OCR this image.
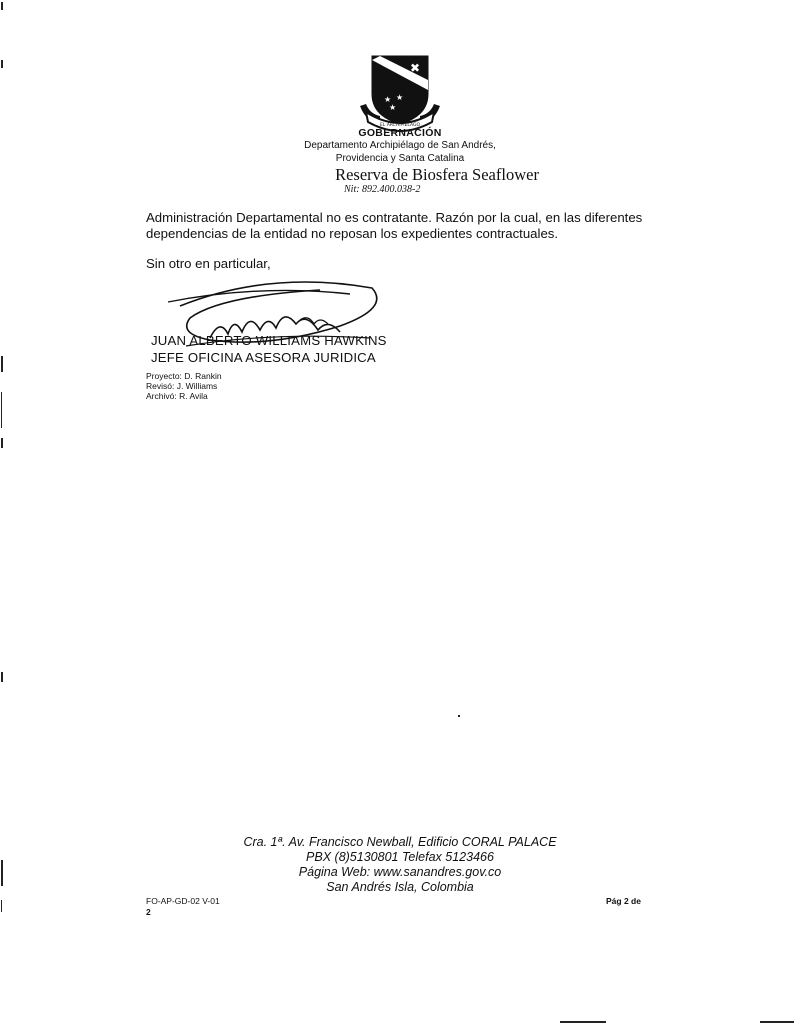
✖
★ ★
★
EL ARCHIPIÉLAGO
GOBERNACIÓN
Departamento Archipiélago de San Andrés,
Providencia y Santa Catalina
Reserva de Biosfera Seaflower
Nit: 892.400.038-2
Administración Departamental no es contratante. Razón por la cual, en las diferentes
dependencias de la entidad no reposan los expedientes contractuales.
Sin otro en particular,
JUAN ALBERTO WILLIAMS HAWKINS
JEFE OFICINA ASESORA JURIDICA
Proyecto: D. Rankin
Revisó: J. Williams
Archivó: R. Avila
Cra. 1ª. Av. Francisco Newball, Edificio CORAL PALACE
PBX (8)5130801 Telefax 5123466
Página Web: www.sanandres.gov.co
San Andrés Isla, Colombia
FO-AP-GD-02 V-01
2
Pág 2 de
